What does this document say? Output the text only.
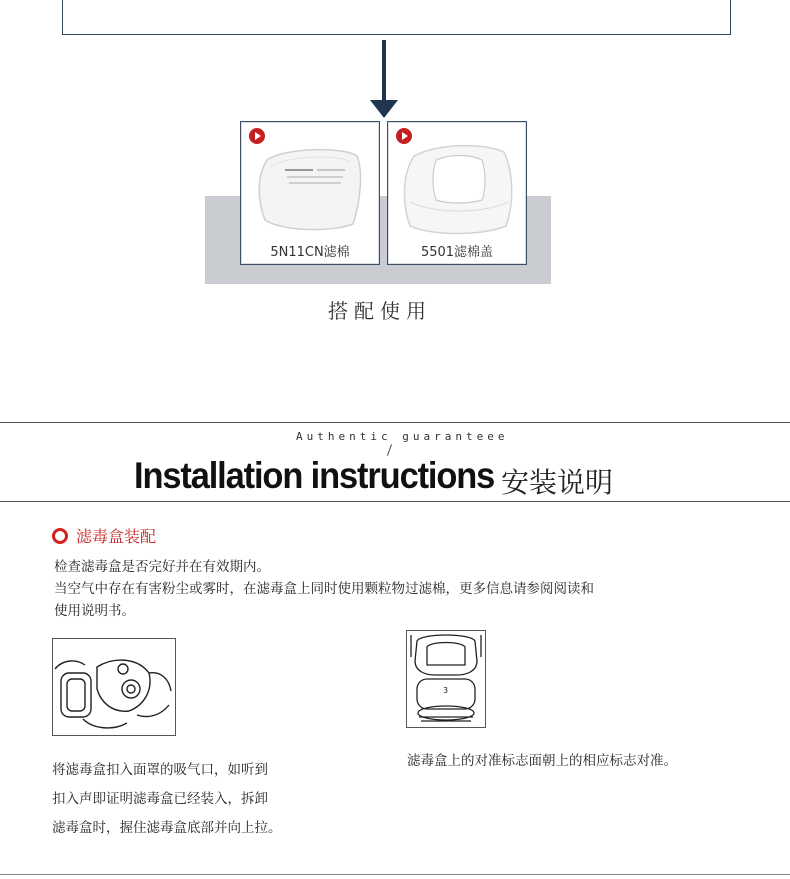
5N11CN滤棉	5501滤棉盖
搭配使用
Authentic guaranteee
Installation instructions 安装说明
滤毒盒装配
检查滤毒盒是否完好并在有效期内。
当空气中存在有害粉尘或雾时，在滤毒盒上同时使用颗粒物过滤棉，更多信息请参阅阅读和
使用说明书。
3
将滤毒盒扣入面罩的吸气口，如听到
扣入声即证明滤毒盒已经装入，拆卸
滤毒盒时，握住滤毒盒底部并向上拉。
滤毒盒上的对准标志面朝上的相应标志对准。
